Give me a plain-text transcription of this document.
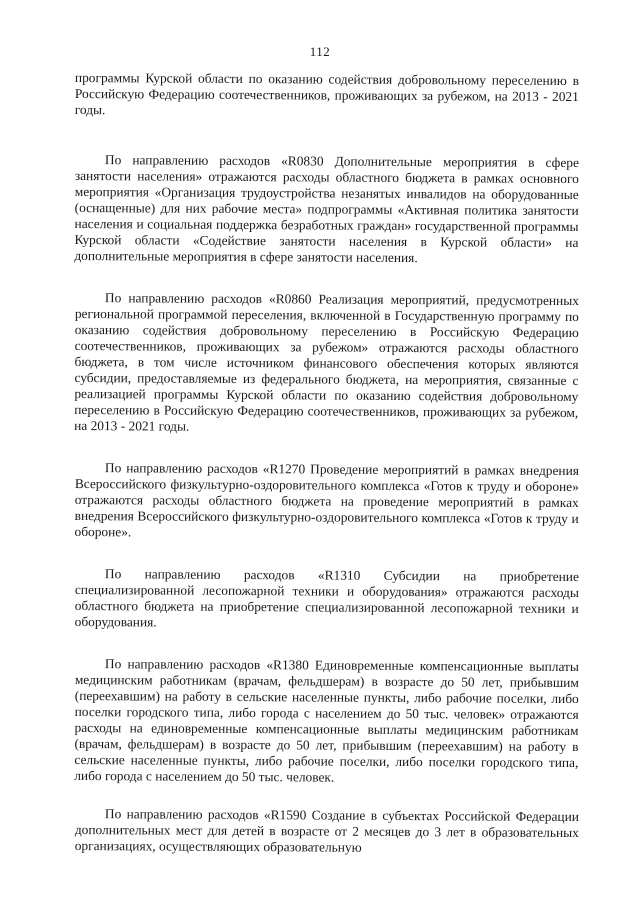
112

программы Курской области по оказанию содействия добровольному переселению в Российскую Федерацию соотечественников, проживающих за рубежом, на 2013 - 2021 годы.

По направлению расходов «R0830 Дополнительные мероприятия в сфере занятости населения» отражаются расходы областного бюджета в рамках основного мероприятия «Организация трудоустройства незанятых инвалидов на оборудованные (оснащенные) для них рабочие места» подпрограммы «Активная политика занятости населения и социальная поддержка безработных граждан» государственной программы Курской области «Содействие занятости населения в Курской области» на дополнительные мероприятия в сфере занятости населения.

По направлению расходов «R0860 Реализация мероприятий, предусмотренных региональной программой переселения, включенной в Государственную программу по оказанию содействия добровольному переселению в Российскую Федерацию соотечественников, проживающих за рубежом» отражаются расходы областного бюджета, в том числе источником финансового обеспечения которых являются субсидии, предоставляемые из федерального бюджета, на мероприятия, связанные с реализацией программы Курской области по оказанию содействия добровольному переселению в Российскую Федерацию соотечественников, проживающих за рубежом, на 2013 - 2021 годы.

По направлению расходов «R1270 Проведение мероприятий в рамках внедрения Всероссийского физкультурно-оздоровительного комплекса «Готов к труду и обороне» отражаются расходы областного бюджета на проведение мероприятий в рамках внедрения Всероссийского физкультурно-оздоровительного комплекса «Готов к труду и обороне».

По направлению расходов «R1310 Субсидии на приобретение специализированной лесопожарной техники и оборудования» отражаются расходы областного бюджета на приобретение специализированной лесопожарной техники и оборудования.

По направлению расходов «R1380 Единовременные компенсационные выплаты медицинским работникам (врачам, фельдшерам) в возрасте до 50 лет, прибывшим (переехавшим) на работу в сельские населенные пункты, либо рабочие поселки, либо поселки городского типа, либо города с населением до 50 тыс. человек» отражаются расходы на единовременные компенсационные выплаты медицинским работникам (врачам, фельдшерам) в возрасте до 50 лет, прибывшим (переехавшим) на работу в сельские населенные пункты, либо рабочие поселки, либо поселки городского типа, либо города с населением до 50 тыс. человек.

По направлению расходов «R1590 Создание в субъектах Российской Федерации дополнительных мест для детей в возрасте от 2 месяцев до 3 лет в образовательных организациях, осуществляющих образовательную
